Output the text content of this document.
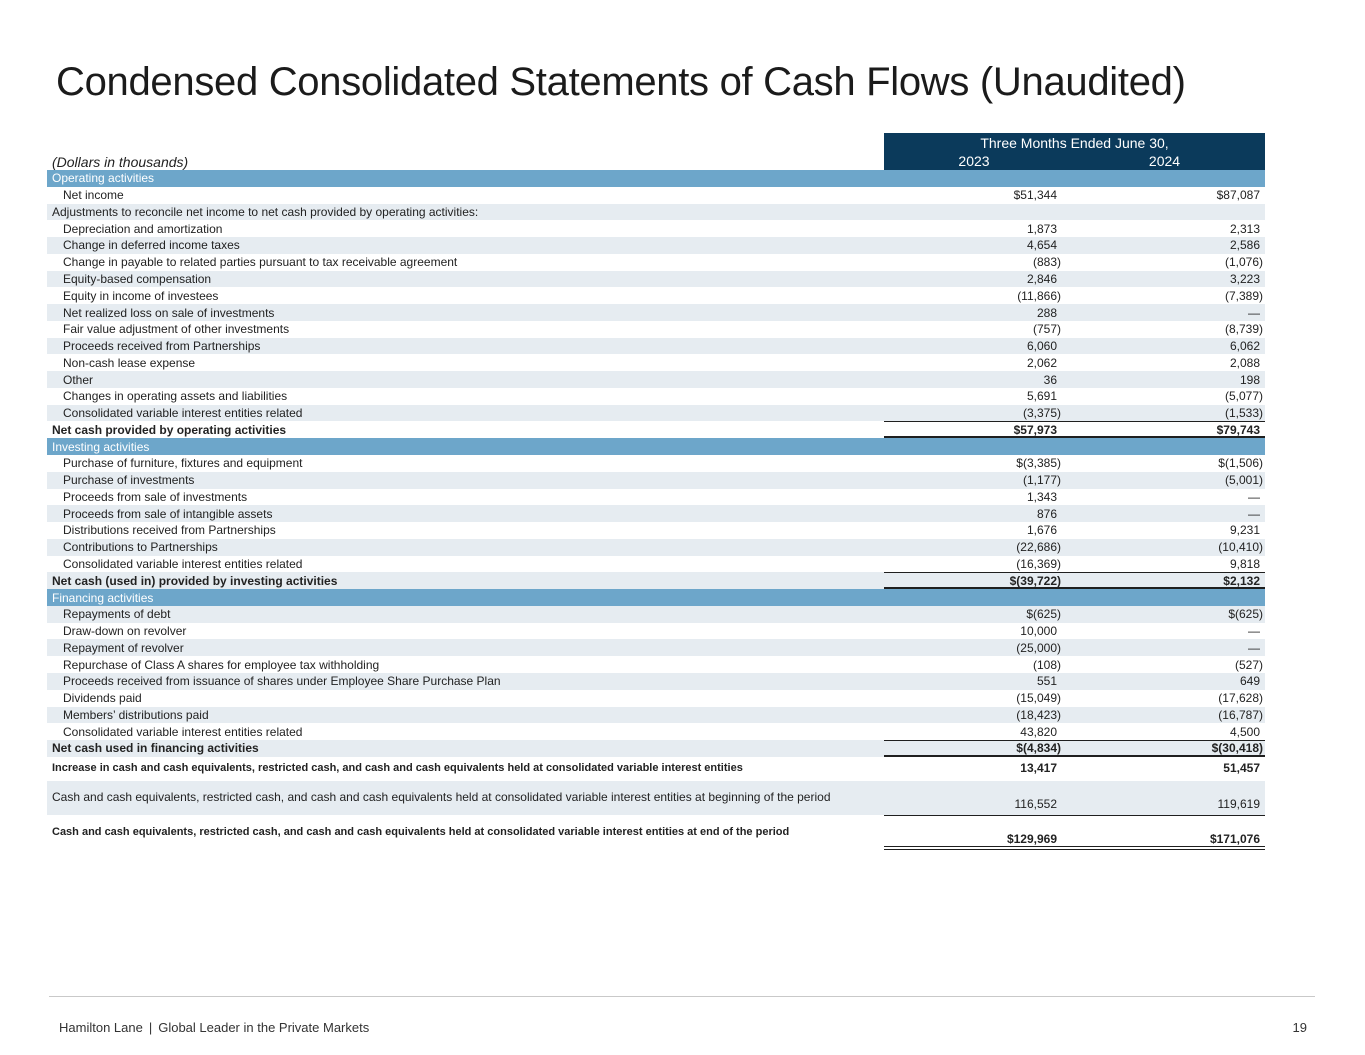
Condensed Consolidated Statements of Cash Flows (Unaudited)
	Three Months Ended June 30,	
(Dollars in thousands)	2023	2024
Operating activities		
Net income	$51,344	$87,087
Adjustments to reconcile net income to net cash provided by operating activities:		
Depreciation and amortization	1,873	2,313
Change in deferred income taxes	4,654	2,586
Change in payable to related parties pursuant to tax receivable agreement	(883)	(1,076)
Equity-based compensation	2,846	3,223
Equity in income of investees	(11,866)	(7,389)
Net realized loss on sale of investments	288	—
Fair value adjustment of other investments	(757)	(8,739)
Proceeds received from Partnerships	6,060	6,062
Non-cash lease expense	2,062	2,088
Other	36	198
Changes in operating assets and liabilities	5,691	(5,077)
Consolidated variable interest entities related	(3,375)	(1,533)
Net cash provided by operating activities	$57,973	$79,743
Investing activities		
Purchase of furniture, fixtures and equipment	$(3,385)	$(1,506)
Purchase of investments	(1,177)	(5,001)
Proceeds from sale of investments	1,343	—
Proceeds from sale of intangible assets	876	—
Distributions received from Partnerships	1,676	9,231
Contributions to Partnerships	(22,686)	(10,410)
Consolidated variable interest entities related	(16,369)	9,818
Net cash (used in) provided by investing activities	$(39,722)	$2,132
Financing activities		
Repayments of debt	$(625)	$(625)
Draw-down on revolver	10,000	—
Repayment of revolver	(25,000)	—
Repurchase of Class A shares for employee tax withholding	(108)	(527)
Proceeds received from issuance of shares under Employee Share Purchase Plan	551	649
Dividends paid	(15,049)	(17,628)
Members’ distributions paid	(18,423)	(16,787)
Consolidated variable interest entities related	43,820	4,500
Net cash used in financing activities	$(4,834)	$(30,418)
Increase in cash and cash equivalents, restricted cash, and cash and cash equivalents held at consolidated variable interest entities	13,417	51,457
Cash and cash equivalents, restricted cash, and cash and cash equivalents held at consolidated variable interest entities at beginning of the period	116,552	119,619
Cash and cash equivalents, restricted cash, and cash and cash equivalents held at consolidated variable interest entities at end of the period	$129,969	$171,076
Hamilton Lane | Global Leader in the Private Markets	19
